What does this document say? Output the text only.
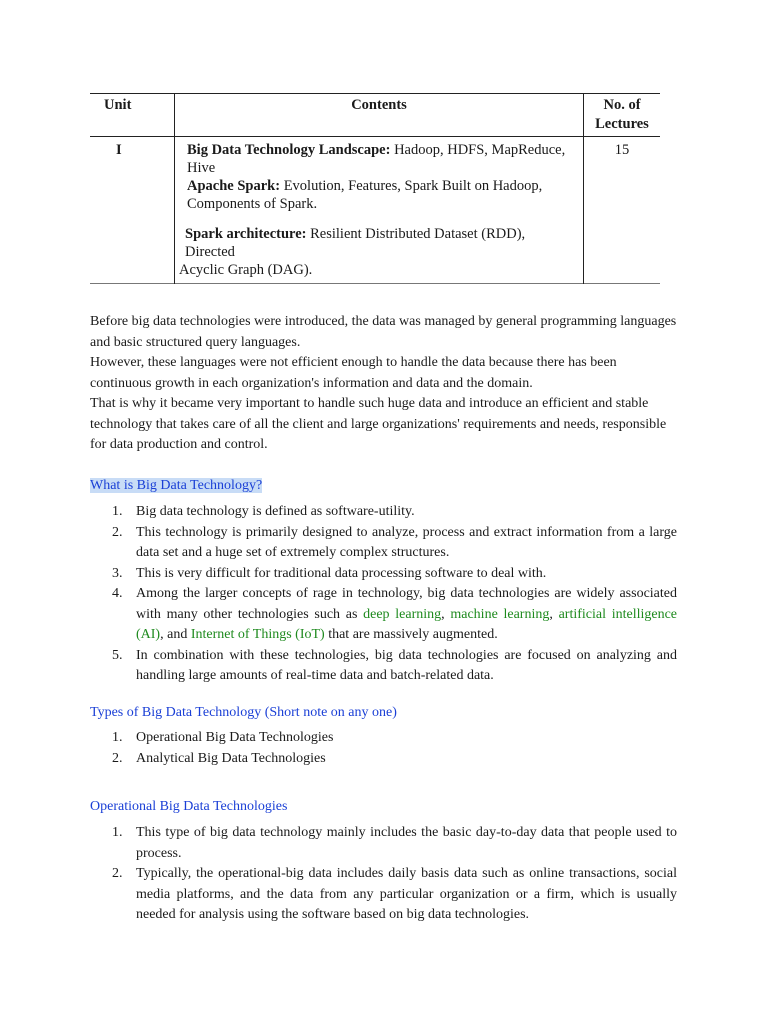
Unit	Contents	No. of
Lectures
I	Big Data Technology Landscape: Hadoop, HDFS, MapReduce, Hive
Apache Spark: Evolution, Features, Spark Built on Hadoop, Components of Spark.
Spark architecture: Resilient Distributed Dataset (RDD), Directed
Acyclic Graph (DAG).	15
Before big data technologies were introduced, the data was managed by general programming languages and basic structured query languages.
However, these languages were not efficient enough to handle the data because there has been continuous growth in each organization's information and data and the domain.
That is why it became very important to handle such huge data and introduce an efficient and stable technology that takes care of all the client and large organizations' requirements and needs, responsible for data production and control.

What is Big Data Technology?

1. Big data technology is defined as software-utility.
2. This technology is primarily designed to analyze, process and extract information from a large data set and a huge set of extremely complex structures.
3. This is very difficult for traditional data processing software to deal with.
4. Among the larger concepts of rage in technology, big data technologies are widely associated with many other technologies such as deep learning, machine learning, artificial intelligence (AI), and Internet of Things (IoT) that are massively augmented.
5. In combination with these technologies, big data technologies are focused on analyzing and handling large amounts of real-time data and batch-related data.

Types of Big Data Technology (Short note on any one)

1. Operational Big Data Technologies
2. Analytical Big Data Technologies

Operational Big Data Technologies

1. This type of big data technology mainly includes the basic day-to-day data that people used to process.
2. Typically, the operational-big data includes daily basis data such as online transactions, social media platforms, and the data from any particular organization or a firm, which is usually needed for analysis using the software based on big data technologies.
